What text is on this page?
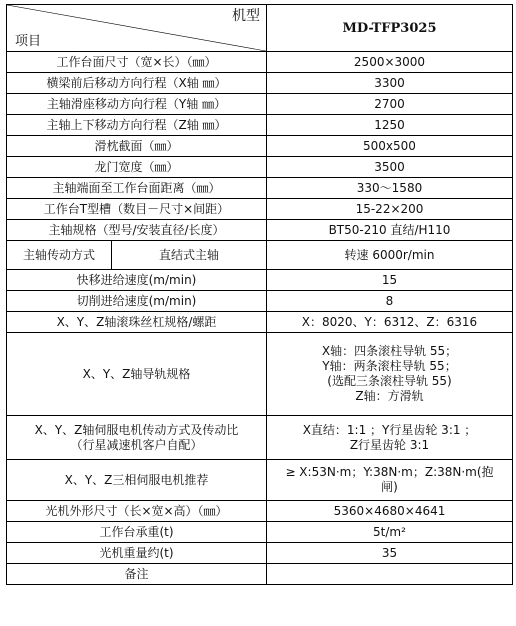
机型
项目		MD-TFP3025
工作台面尺寸（宽×长）（㎜）		2500×3000
横梁前后移动方向行程（X轴 ㎜）		3300
主轴滑座移动方向行程（Y轴 ㎜）		2700
主轴上下移动方向行程（Z轴 ㎜）		1250
滑枕截面（㎜）		500x500
龙门宽度（㎜）		3500
主轴端面至工作台面距离（㎜）		330～1580
工作台T型槽（数目－尺寸×间距）		15-22×200
主轴规格（型号/安装直径/长度）		BT50-210 直结/H110
主轴传动方式	直结式主轴	转速 6000r/min
快移进给速度(m/min)		15
切削进给速度(m/min)		8
X、Y、Z轴滚珠丝杠规格/螺距		X：8020、Y：6312、Z：6316
X、Y、Z轴导轨规格		X轴：四条滚柱导轨 55；
Y轴：两条滚柱导轨 55；
(选配三条滚柱导轨 55)
Z轴：方滑轨

X、Y、Z轴伺服电机传动方式及传动比
（行星减速机客户自配）		X直结：1:1 ；Y行星齿轮 3:1 ；
Z行星齿轮 3:1

X、Y、Z三相伺服电机推荐		≥ X:53N·m；Y:38N·m；Z:38N·m(抱
闸)

光机外形尺寸（长×宽×高）（㎜）		5360×4680×4641
工作台承重(t)		5t/m²
光机重量约(t)		35
备注		
